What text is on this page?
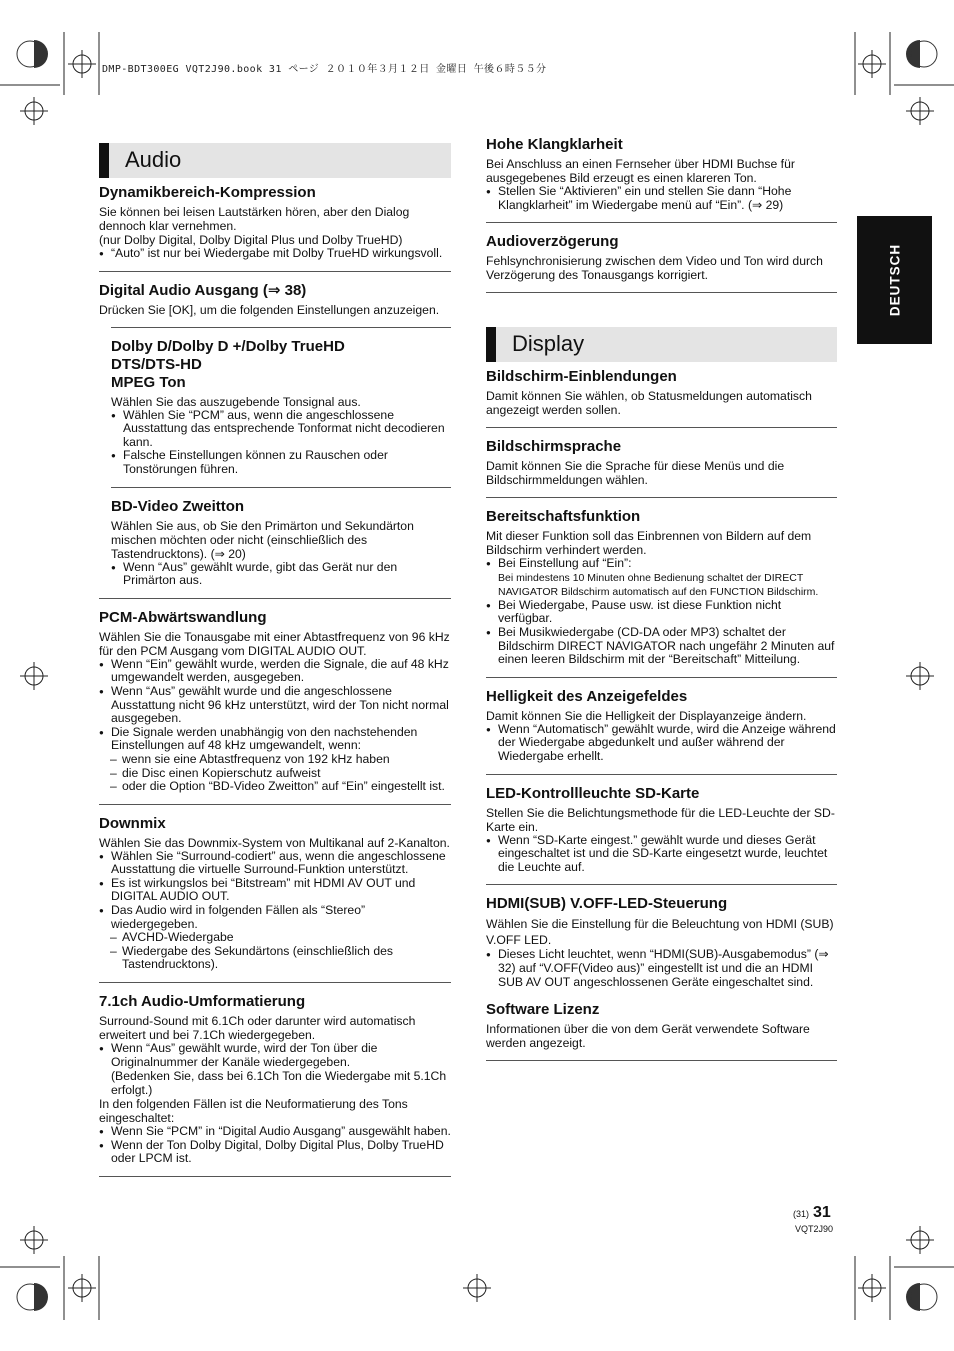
DMP-BDT300EG VQT2J90.book 31 ページ ２０１０年３月１２日 金曜日 午後６時５５分
DEUTSCH
Audio
Dynamikbereich-Kompression
Sie können bei leisen Lautstärken hören, aber den Dialog dennoch klar vernehmen.
(nur Dolby Digital, Dolby Digital Plus und Dolby TrueHD)
● “Auto” ist nur bei Wiedergabe mit Dolby TrueHD wirkungsvoll.
Digital Audio Ausgang (⇒ 38)
Drücken Sie [OK], um die folgenden Einstellungen anzuzeigen.
Dolby D/Dolby D +/Dolby TrueHD
DTS/DTS-HD
MPEG Ton
Wählen Sie das auszugebende Tonsignal aus.
● Wählen Sie “PCM” aus, wenn die angeschlossene Ausstattung das entsprechende Tonformat nicht decodieren kann.
● Falsche Einstellungen können zu Rauschen oder Tonstörungen führen.
BD-Video Zweitton
Wählen Sie aus, ob Sie den Primärton und Sekundärton mischen möchten oder nicht (einschließlich des Tastendrucktons). (⇒ 20)
● Wenn “Aus” gewählt wurde, gibt das Gerät nur den Primärton aus.
PCM-Abwärtswandlung
Wählen Sie die Tonausgabe mit einer Abtastfrequenz von 96 kHz für den PCM Ausgang vom DIGITAL AUDIO OUT.
● Wenn “Ein” gewählt wurde, werden die Signale, die auf 48 kHz umgewandelt werden, ausgegeben.
● Wenn “Aus” gewählt wurde und die angeschlossene Ausstattung nicht 96 kHz unterstützt, wird der Ton nicht normal ausgegeben.
● Die Signale werden unabhängig von den nachstehenden Einstellungen auf 48 kHz umgewandelt, wenn:
– wenn sie eine Abtastfrequenz von 192 kHz haben
– die Disc einen Kopierschutz aufweist
– oder die Option “BD-Video Zweitton” auf “Ein” eingestellt ist.
Downmix
Wählen Sie das Downmix-System von Multikanal auf 2-Kanalton.
● Wählen Sie “Surround-codiert” aus, wenn die angeschlossene Ausstattung die virtuelle Surround-Funktion unterstützt.
● Es ist wirkungslos bei “Bitstream” mit HDMI AV OUT und DIGITAL AUDIO OUT.
● Das Audio wird in folgenden Fällen als “Stereo” wiedergegeben.
– AVCHD-Wiedergabe
– Wiedergabe des Sekundärtons (einschließlich des Tastendrucktons).
7.1ch Audio-Umformatierung
Surround-Sound mit 6.1Ch oder darunter wird automatisch erweitert und bei 7.1Ch wiedergegeben.
● Wenn “Aus” gewählt wurde, wird der Ton über die Originalnummer der Kanäle wiedergegeben.
(Bedenken Sie, dass bei 6.1Ch Ton die Wiedergabe mit 5.1Ch erfolgt.)
In den folgenden Fällen ist die Neuformatierung des Tons eingeschaltet:
● Wenn Sie “PCM” in “Digital Audio Ausgang” ausgewählt haben.
● Wenn der Ton Dolby Digital, Dolby Digital Plus, Dolby TrueHD oder LPCM ist.
Hohe Klangklarheit
Bei Anschluss an einen Fernseher über HDMI Buchse für ausgegebenes Bild erzeugt es einen klareren Ton.
● Stellen Sie “Aktivieren” ein und stellen Sie dann “Hohe Klangklarheit” im Wiedergabe menü auf “Ein”. (⇒ 29)
Audioverzögerung
Fehlsynchronisierung zwischen dem Video und Ton wird durch Verzögerung des Tonausgangs korrigiert.
Display
Bildschirm-Einblendungen
Damit können Sie wählen, ob Statusmeldungen automatisch angezeigt werden sollen.
Bildschirmsprache
Damit können Sie die Sprache für diese Menüs und die Bildschirmmeldungen wählen.
Bereitschaftsfunktion
Mit dieser Funktion soll das Einbrennen von Bildern auf dem Bildschirm verhindert werden.
● Bei Einstellung auf “Ein”:
Bei mindestens 10 Minuten ohne Bedienung schaltet der DIRECT NAVIGATOR Bildschirm automatisch auf den FUNCTION Bildschirm.
● Bei Wiedergabe, Pause usw. ist diese Funktion nicht verfügbar.
● Bei Musikwiedergabe (CD-DA oder MP3) schaltet der Bildschirm DIRECT NAVIGATOR nach ungefähr 2 Minuten auf einen leeren Bildschirm mit der “Bereitschaft” Mitteilung.
Helligkeit des Anzeigefeldes
Damit können Sie die Helligkeit der Displayanzeige ändern.
● Wenn “Automatisch” gewählt wurde, wird die Anzeige während der Wiedergabe abgedunkelt und außer während der Wiedergabe erhellt.
LED-Kontrollleuchte SD-Karte
Stellen Sie die Belichtungsmethode für die LED-Leuchte der SD-Karte ein.
● Wenn “SD-Karte eingest.” gewählt wurde und dieses Gerät eingeschaltet ist und die SD-Karte eingesetzt wurde, leuchtet die Leuchte auf.
HDMI(SUB) V.OFF-LED-Steuerung
Wählen Sie die Einstellung für die Beleuchtung von HDMI (SUB) V.OFF LED.
● Dieses Licht leuchtet, wenn “HDMI(SUB)-Ausgabemodus” (⇒ 32) auf “V.OFF(Video aus)” eingestellt ist und die an HDMI SUB AV OUT angeschlossenen Geräte eingeschaltet sind.
Software Lizenz
Informationen über die von dem Gerät verwendete Software werden angezeigt.
(31) 31
VQT2J90
